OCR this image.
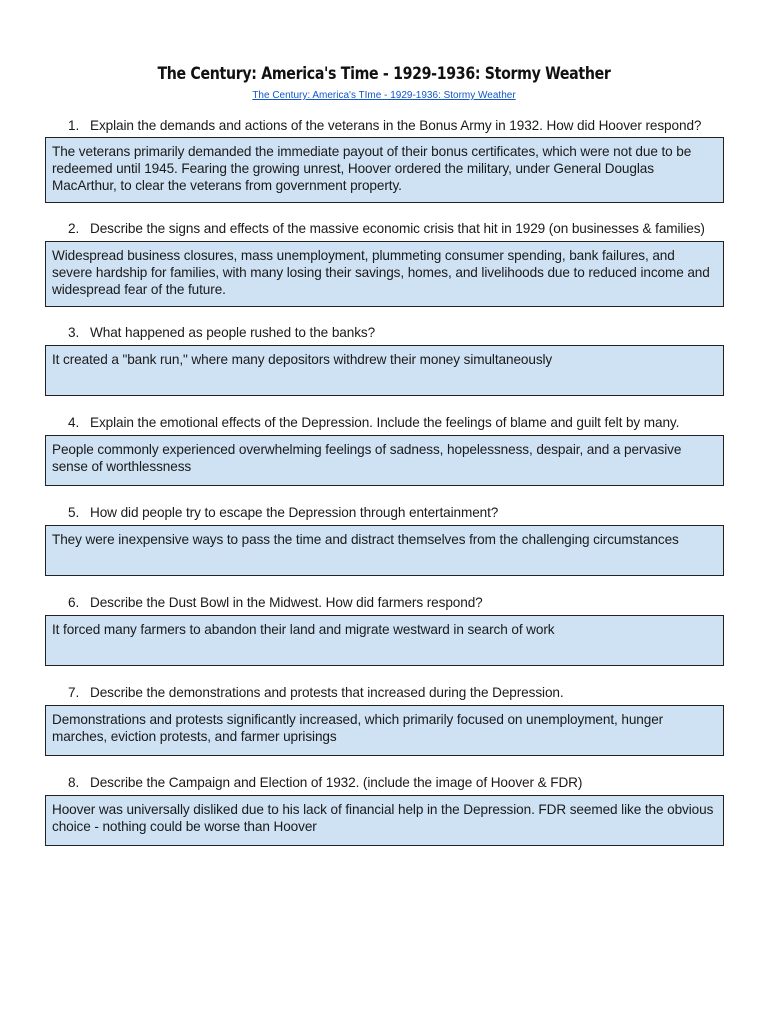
The Century: America's Time - 1929-1936: Stormy Weather
The Century: America's TIme - 1929-1936: Stormy Weather
1. Explain the demands and actions of the veterans in the Bonus Army in 1932. How did Hoover respond?
The veterans primarily demanded the immediate payout of their bonus certificates, which were not due to be redeemed until 1945. Fearing the growing unrest, Hoover ordered the military, under General Douglas MacArthur, to clear the veterans from government property.
2. Describe the signs and effects of the massive economic crisis that hit in 1929 (on businesses & families)
Widespread business closures, mass unemployment, plummeting consumer spending, bank failures, and severe hardship for families, with many losing their savings, homes, and livelihoods due to reduced income and widespread fear of the future.
3. What happened as people rushed to the banks?
It created a "bank run," where many depositors withdrew their money simultaneously
4. Explain the emotional effects of the Depression. Include the feelings of blame and guilt felt by many.
People commonly experienced overwhelming feelings of sadness, hopelessness, despair, and a pervasive sense of worthlessness
5. How did people try to escape the Depression through entertainment?
They were inexpensive ways to pass the time and distract themselves from the challenging circumstances
6. Describe the Dust Bowl in the Midwest. How did farmers respond?
It forced many farmers to abandon their land and migrate westward in search of work
7. Describe the demonstrations and protests that increased during the Depression.
Demonstrations and protests significantly increased, which primarily focused on unemployment, hunger marches, eviction protests, and farmer uprisings
8. Describe the Campaign and Election of 1932. (include the image of Hoover & FDR)
Hoover was universally disliked due to his lack of financial help in the Depression. FDR seemed like the obvious choice - nothing could be worse than Hoover
